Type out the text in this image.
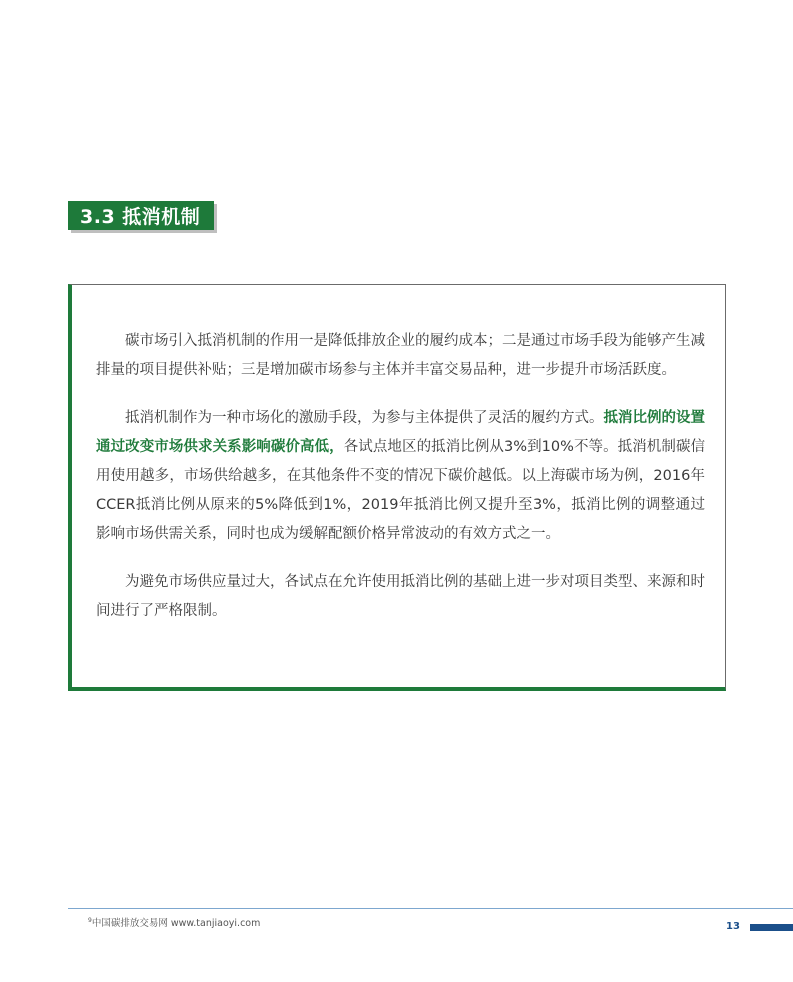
3.3 抵消机制

碳市场引入抵消机制的作用一是降低排放企业的履约成本；二是通过市场手段为能够产生减排量的项目提供补贴；三是增加碳市场参与主体并丰富交易品种，进一步提升市场活跃度。

抵消机制作为一种市场化的激励手段，为参与主体提供了灵活的履约方式。抵消比例的设置通过改变市场供求关系影响碳价高低，各试点地区的抵消比例从3%到10%不等。抵消机制碳信用使用越多，市场供给越多，在其他条件不变的情况下碳价越低。以上海碳市场为例，2016年CCER抵消比例从原来的5%降低到1%，2019年抵消比例又提升至3%，抵消比例的调整通过影响市场供需关系，同时也成为缓解配额价格异常波动的有效方式之一。

为避免市场供应量过大，各试点在允许使用抵消比例的基础上进一步对项目类型、来源和时间进行了严格限制。

$^9$中国碳排放交易网 www.tanjiaoyi.com	13
